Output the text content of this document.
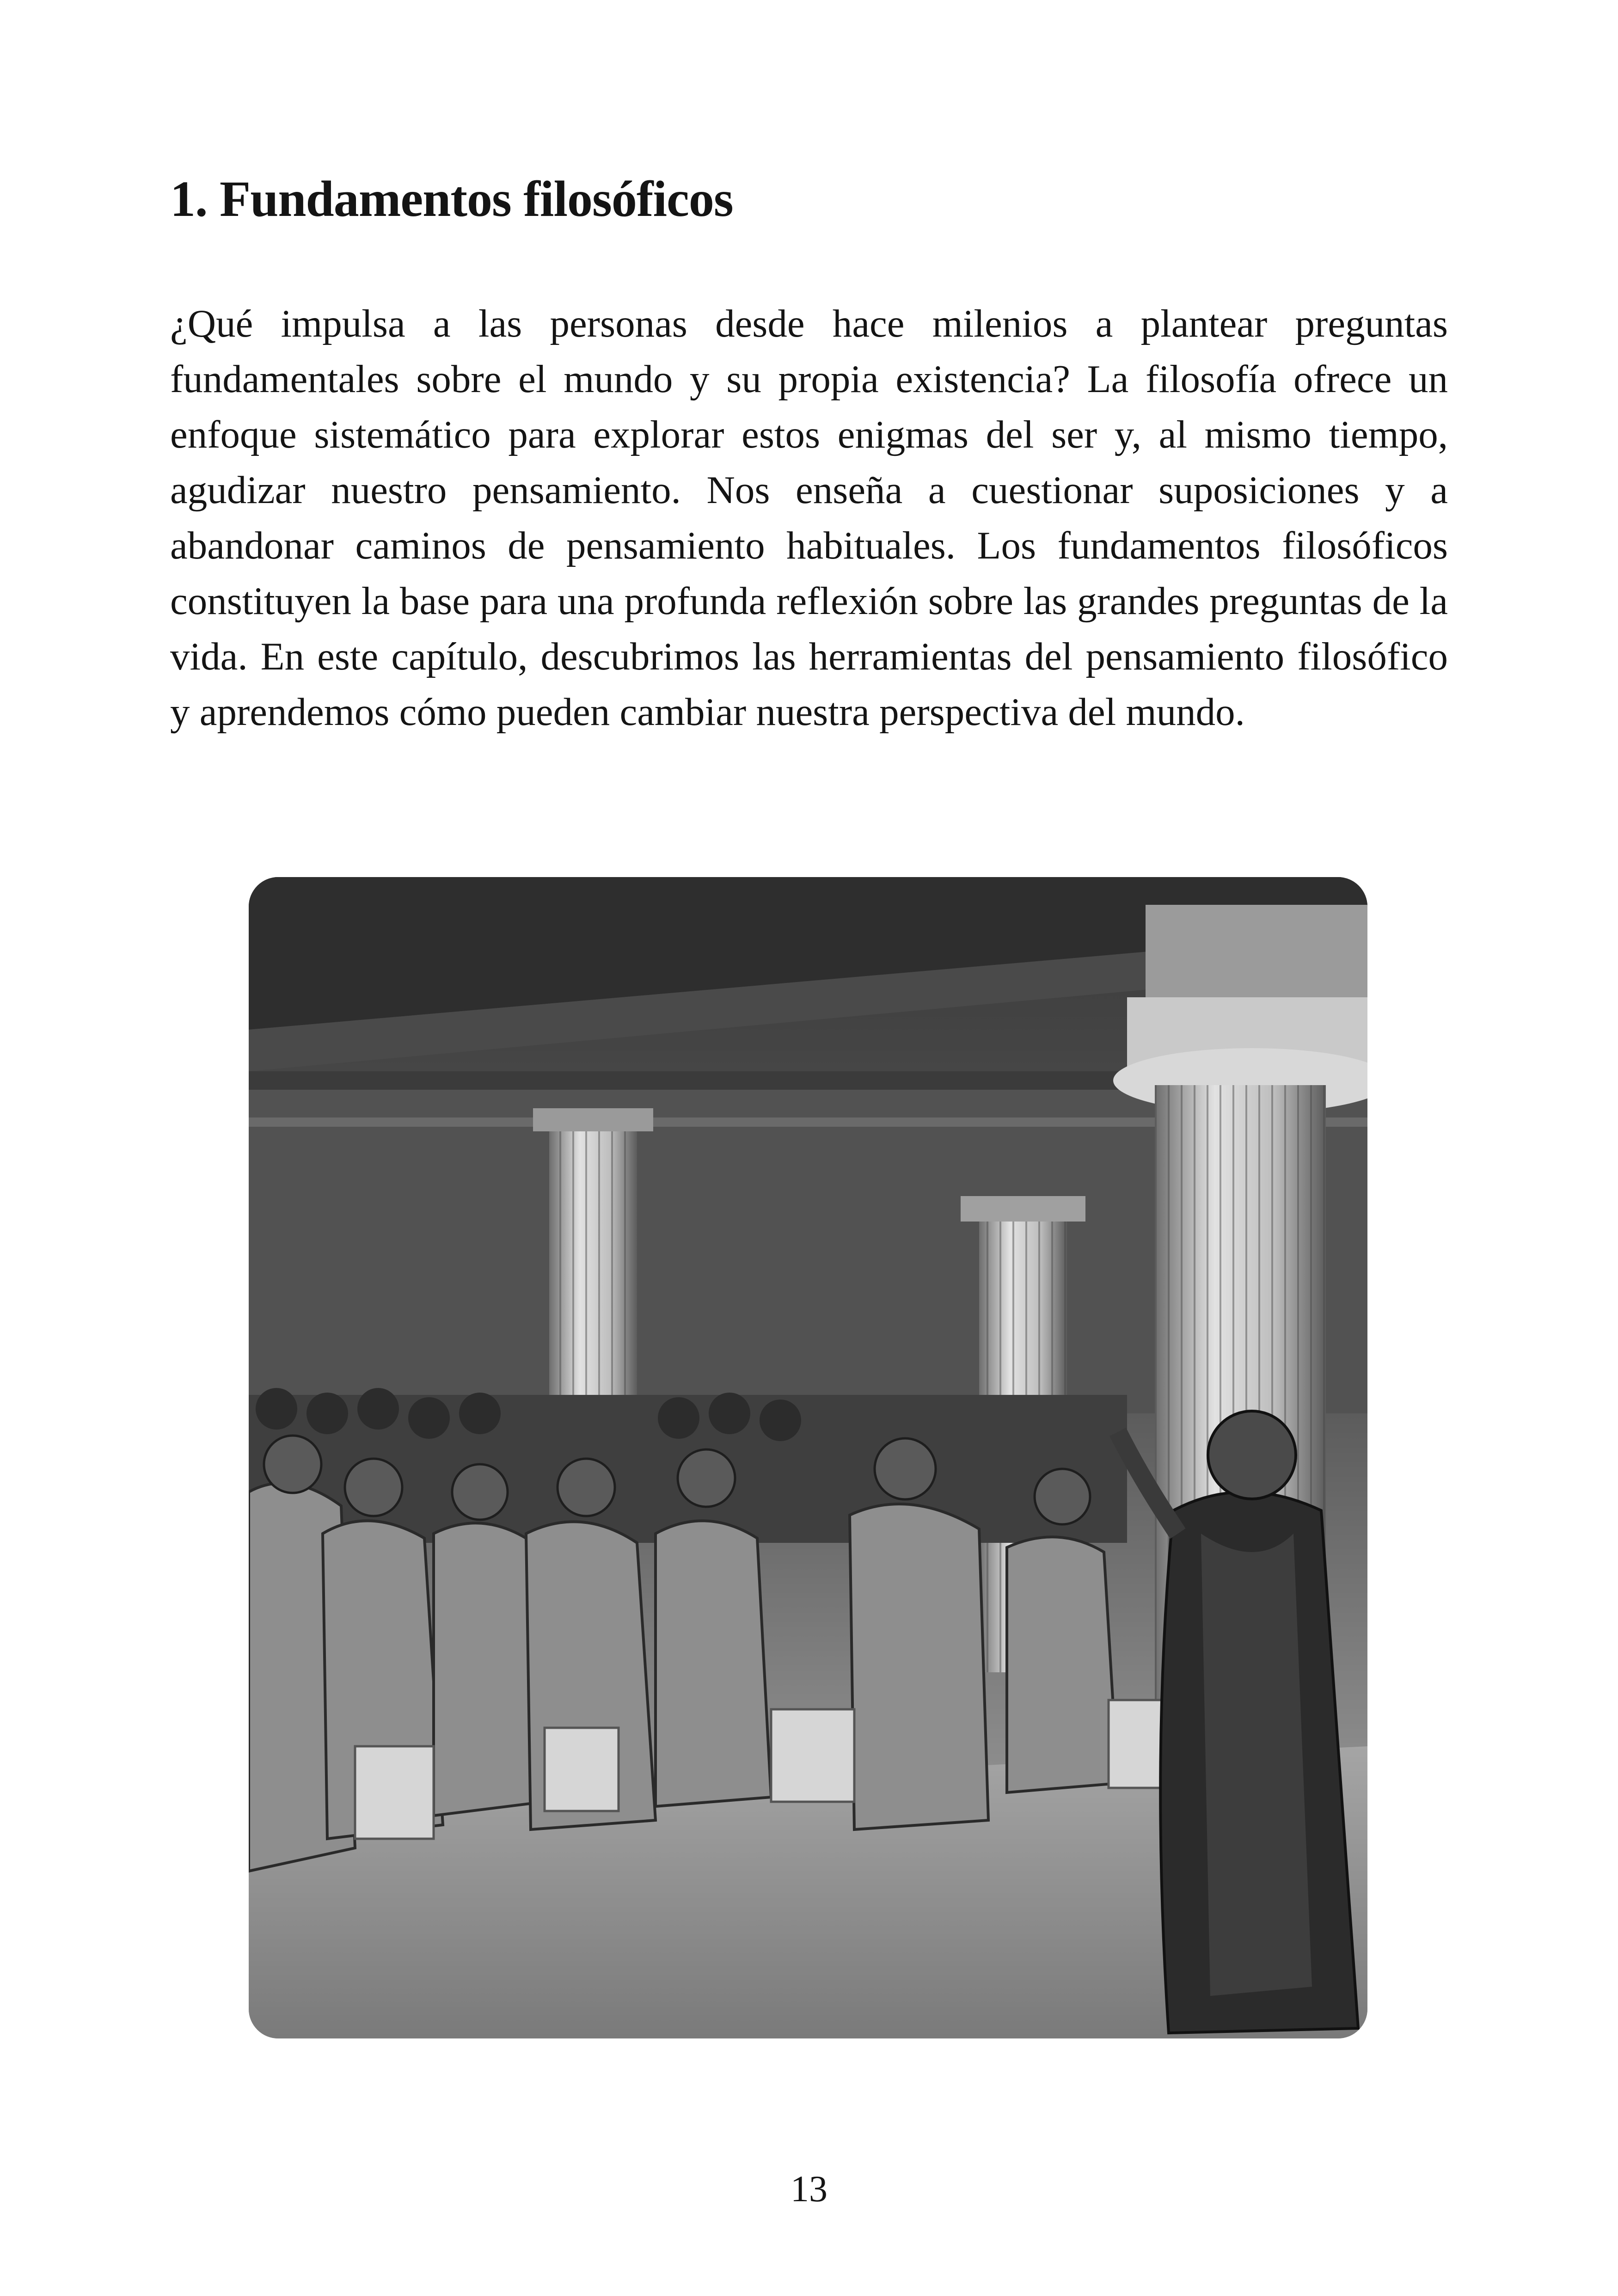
1. Fundamentos filosóficos

¿Qué impulsa a las personas desde hace milenios a plantear preguntas fundamentales sobre el mundo y su propia existencia? La filosofía ofrece un enfoque sistemático para explorar estos enigmas del ser y, al mismo tiempo, agudizar nuestro pensamiento. Nos enseña a cuestionar suposiciones y a abandonar caminos de pensamiento habituales. Los fundamentos filosóficos constituyen la base para una profunda reflexión sobre las grandes preguntas de la vida. En este capítulo, descubrimos las herramientas del pensamiento filosófico y aprendemos cómo pueden cambiar nuestra perspectiva del mundo.

13
